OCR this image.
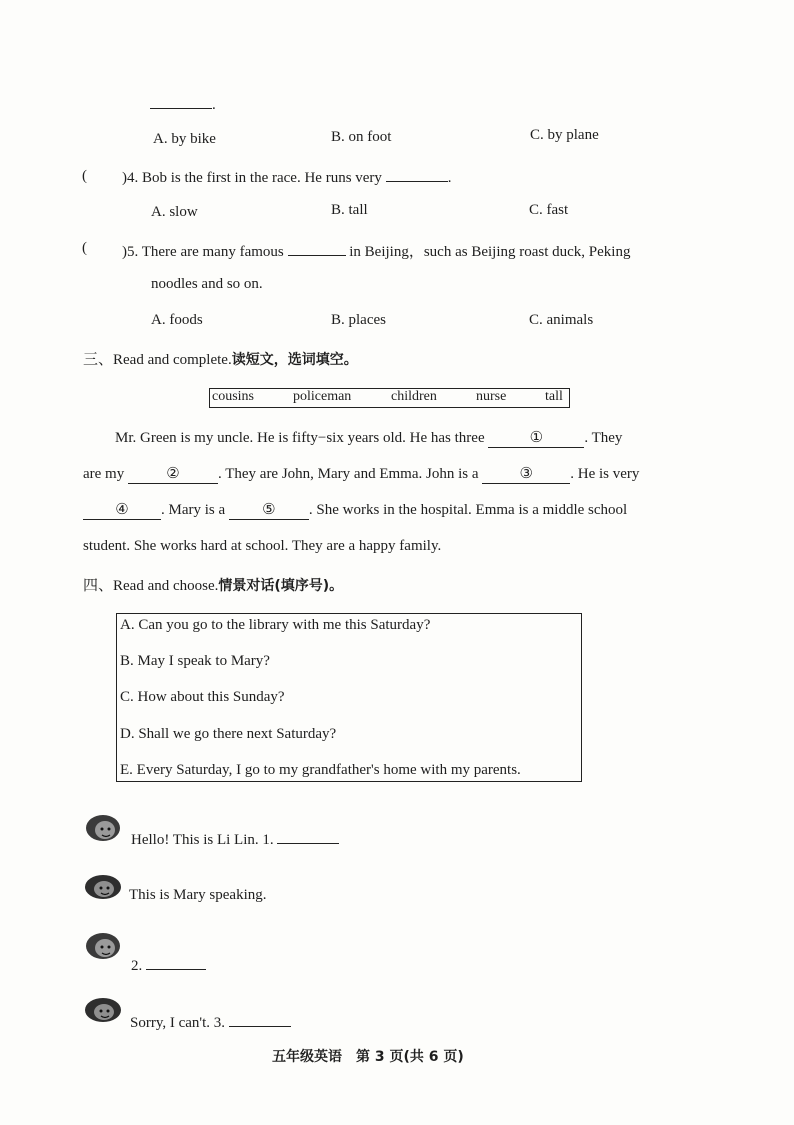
.
A. by bike	B. on foot	C. by plane
( )4. Bob is the first in the race. He runs very	.
A. slow	B. tall	C. fast
( )5. There are many famous	in Beijing，such as Beijing roast duck, Peking
noodles and so on.
A. foods	B. places	C. animals
三、Read and complete.读短文，选词填空。
cousins	policeman	children	nurse	tall
Mr. Green is my uncle. He is fifty−six years old. He has three	①	. They
are my	②	. They are John, Mary and Emma. John is a	③ . He is very
④ . Mary is a ⑤ . She works in the hospital. Emma is a middle school
student. She works hard at school. They are a happy family.
四、Read and choose.情景对话(填序号)。
A. Can you go to the library with me this Saturday?
B. May I speak to Mary?
C. How about this Sunday?
D. Shall we go there next Saturday?
E. Every Saturday, I go to my grandfather's home with my parents.
Hello! This is Li Lin. 1.
This is Mary speaking.
2.
Sorry, I can't. 3.
五年级英语　第 3 页(共 6 页)
